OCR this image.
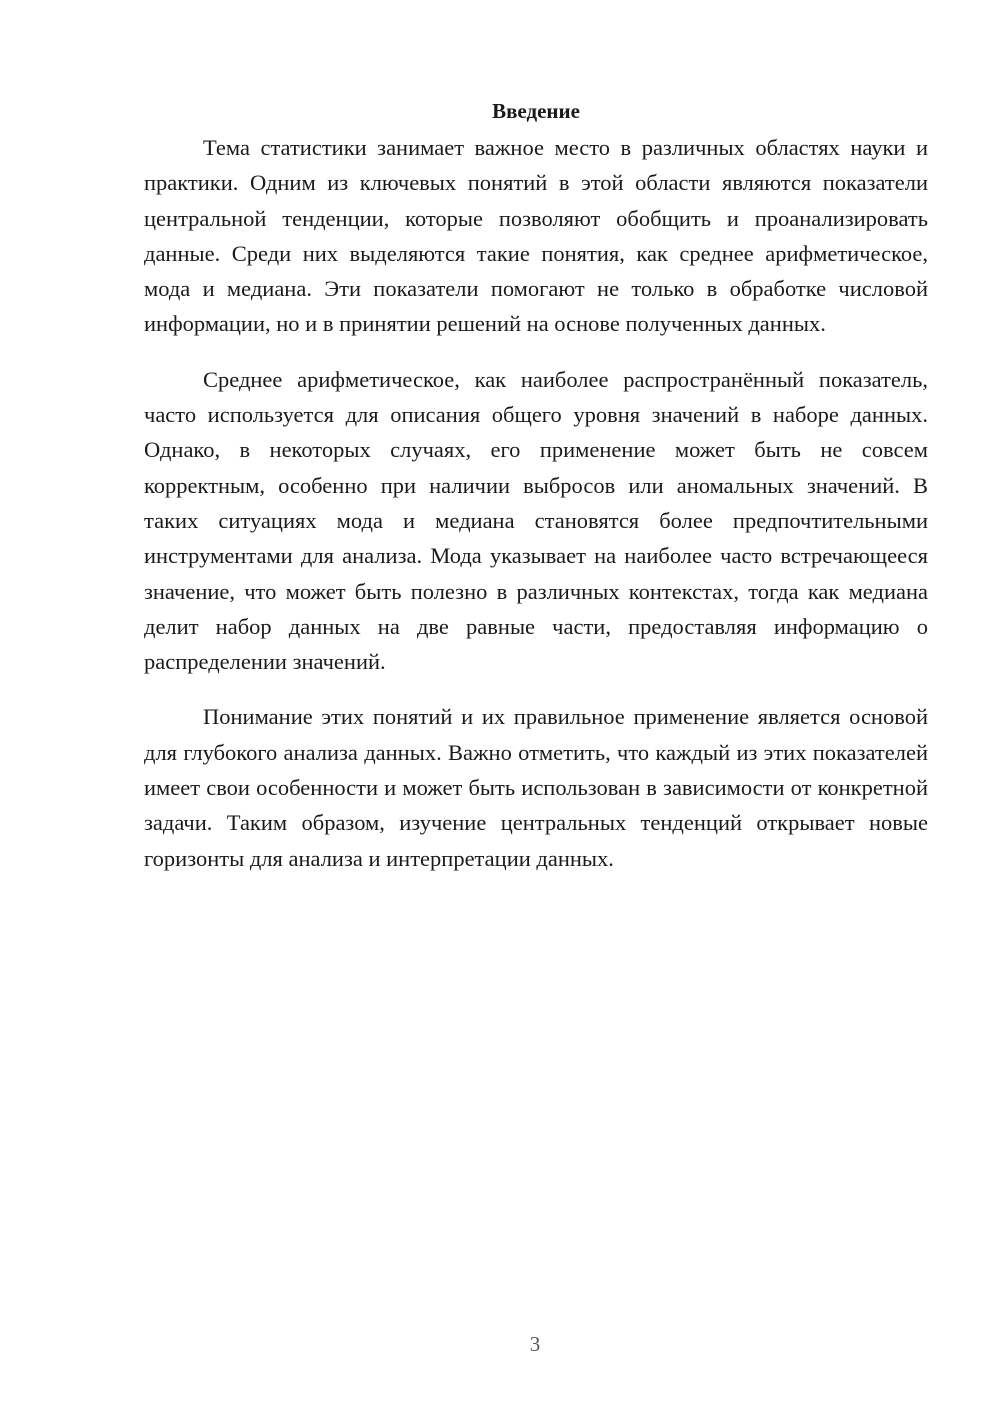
Введение

Тема статистики занимает важное место в различных областях науки и практики. Одним из ключевых понятий в этой области являются показатели центральной тенденции, которые позволяют обобщить и проанализировать данные. Среди них выделяются такие понятия, как среднее арифметическое, мода и медиана. Эти показатели помогают не только в обработке числовой информации, но и в принятии решений на основе полученных данных.

Среднее арифметическое, как наиболее распространённый показатель, часто используется для описания общего уровня значений в наборе данных. Однако, в некоторых случаях, его применение может быть не совсем корректным, особенно при наличии выбросов или аномальных значений. В таких ситуациях мода и медиана становятся более предпочтительными инструментами для анализа. Мода указывает на наиболее часто встречающееся значение, что может быть полезно в различных контекстах, тогда как медиана делит набор данных на две равные части, предоставляя информацию о распределении значений.

Понимание этих понятий и их правильное применение является основой для глубокого анализа данных. Важно отметить, что каждый из этих показателей имеет свои особенности и может быть использован в зависимости от конкретной задачи. Таким образом, изучение центральных тенденций открывает новые горизонты для анализа и интерпретации данных.

3
